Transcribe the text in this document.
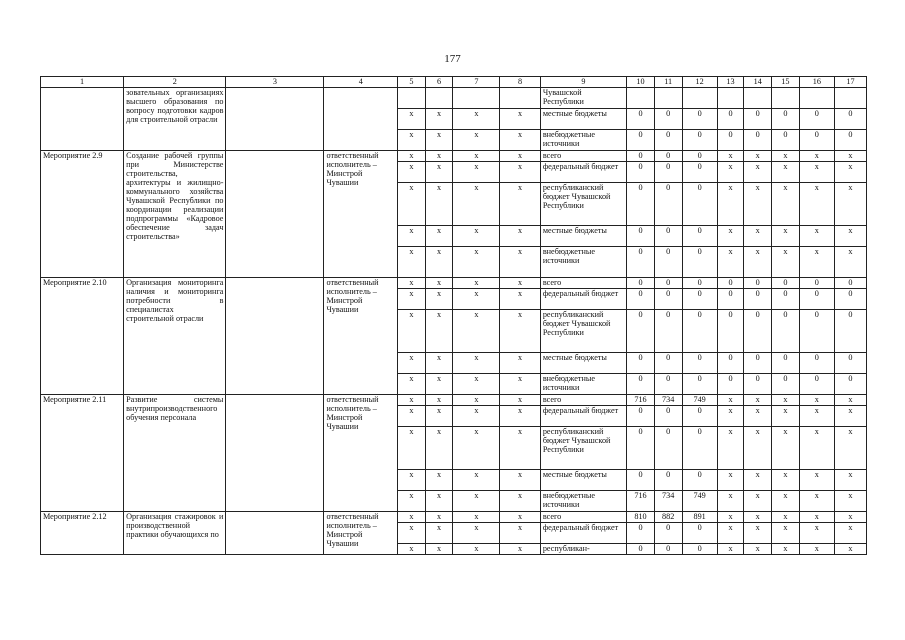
177
1	2	3	4	5	6	7	8	9	10	11	12	13	14	15	16	17
	зовательных организациях высшего образования по вопросу подготовки кадров для строительной отрасли							Чувашской Республики								
				x	x	x	x	местные бюджеты	0	0	0	0	0	0	0	0
				x	x	x	x	внебюджетные источники	0	0	0	0	0	0	0	0
Мероприятие 2.9	Создание рабочей группы при Министерстве строительства, архитектуры и жилищно-коммунального хозяйства Чувашской Республики по координации реализации подпрограммы «Кадровое обеспечение задач строительства»		ответственный исполнитель – Минстрой Чувашии	x	x	x	x	всего	0	0	0	x	x	x	x	x
				x	x	x	x	федеральный бюджет	0	0	0	x	x	x	x	x
				x	x	x	x	республиканский бюджет Чувашской Республики	0	0	0	x	x	x	x	x
				x	x	x	x	местные бюджеты	0	0	0	x	x	x	x	x
				x	x	x	x	внебюджетные источники	0	0	0	x	x	x	x	x
Мероприятие 2.10	Организация мониторинга наличия и мониторинга потребности в специалистах строительной отрасли		ответственный исполнитель – Минстрой Чувашии	x	x	x	x	всего	0	0	0	0	0	0	0	0
				x	x	x	x	федеральный бюджет	0	0	0	0	0	0	0	0
				x	x	x	x	республиканский бюджет Чувашской Республики	0	0	0	0	0	0	0	0
				x	x	x	x	местные бюджеты	0	0	0	0	0	0	0	0
				x	x	x	x	внебюджетные источники	0	0	0	0	0	0	0	0
Мероприятие 2.11	Развитие системы внутрипроизводственного обучения персонала		ответственный исполнитель – Минстрой Чувашии	x	x	x	x	всего	716	734	749	x	x	x	x	x
				x	x	x	x	федеральный бюджет	0	0	0	x	x	x	x	x
				x	x	x	x	республиканский бюджет Чувашской Республики	0	0	0	x	x	x	x	x
				x	x	x	x	местные бюджеты	0	0	0	x	x	x	x	x
				x	x	x	x	внебюджетные источники	716	734	749	x	x	x	x	x
Мероприятие 2.12	Организация стажировок и производственной практики обучающихся по		ответственный исполнитель – Минстрой Чувашии	x	x	x	x	всего	810	882	891	x	x	x	x	x
				x	x	x	x	федеральный бюджет	0	0	0	x	x	x	x	x
				x	x	x	x	республикан-	0	0	0	x	x	x	x	x
